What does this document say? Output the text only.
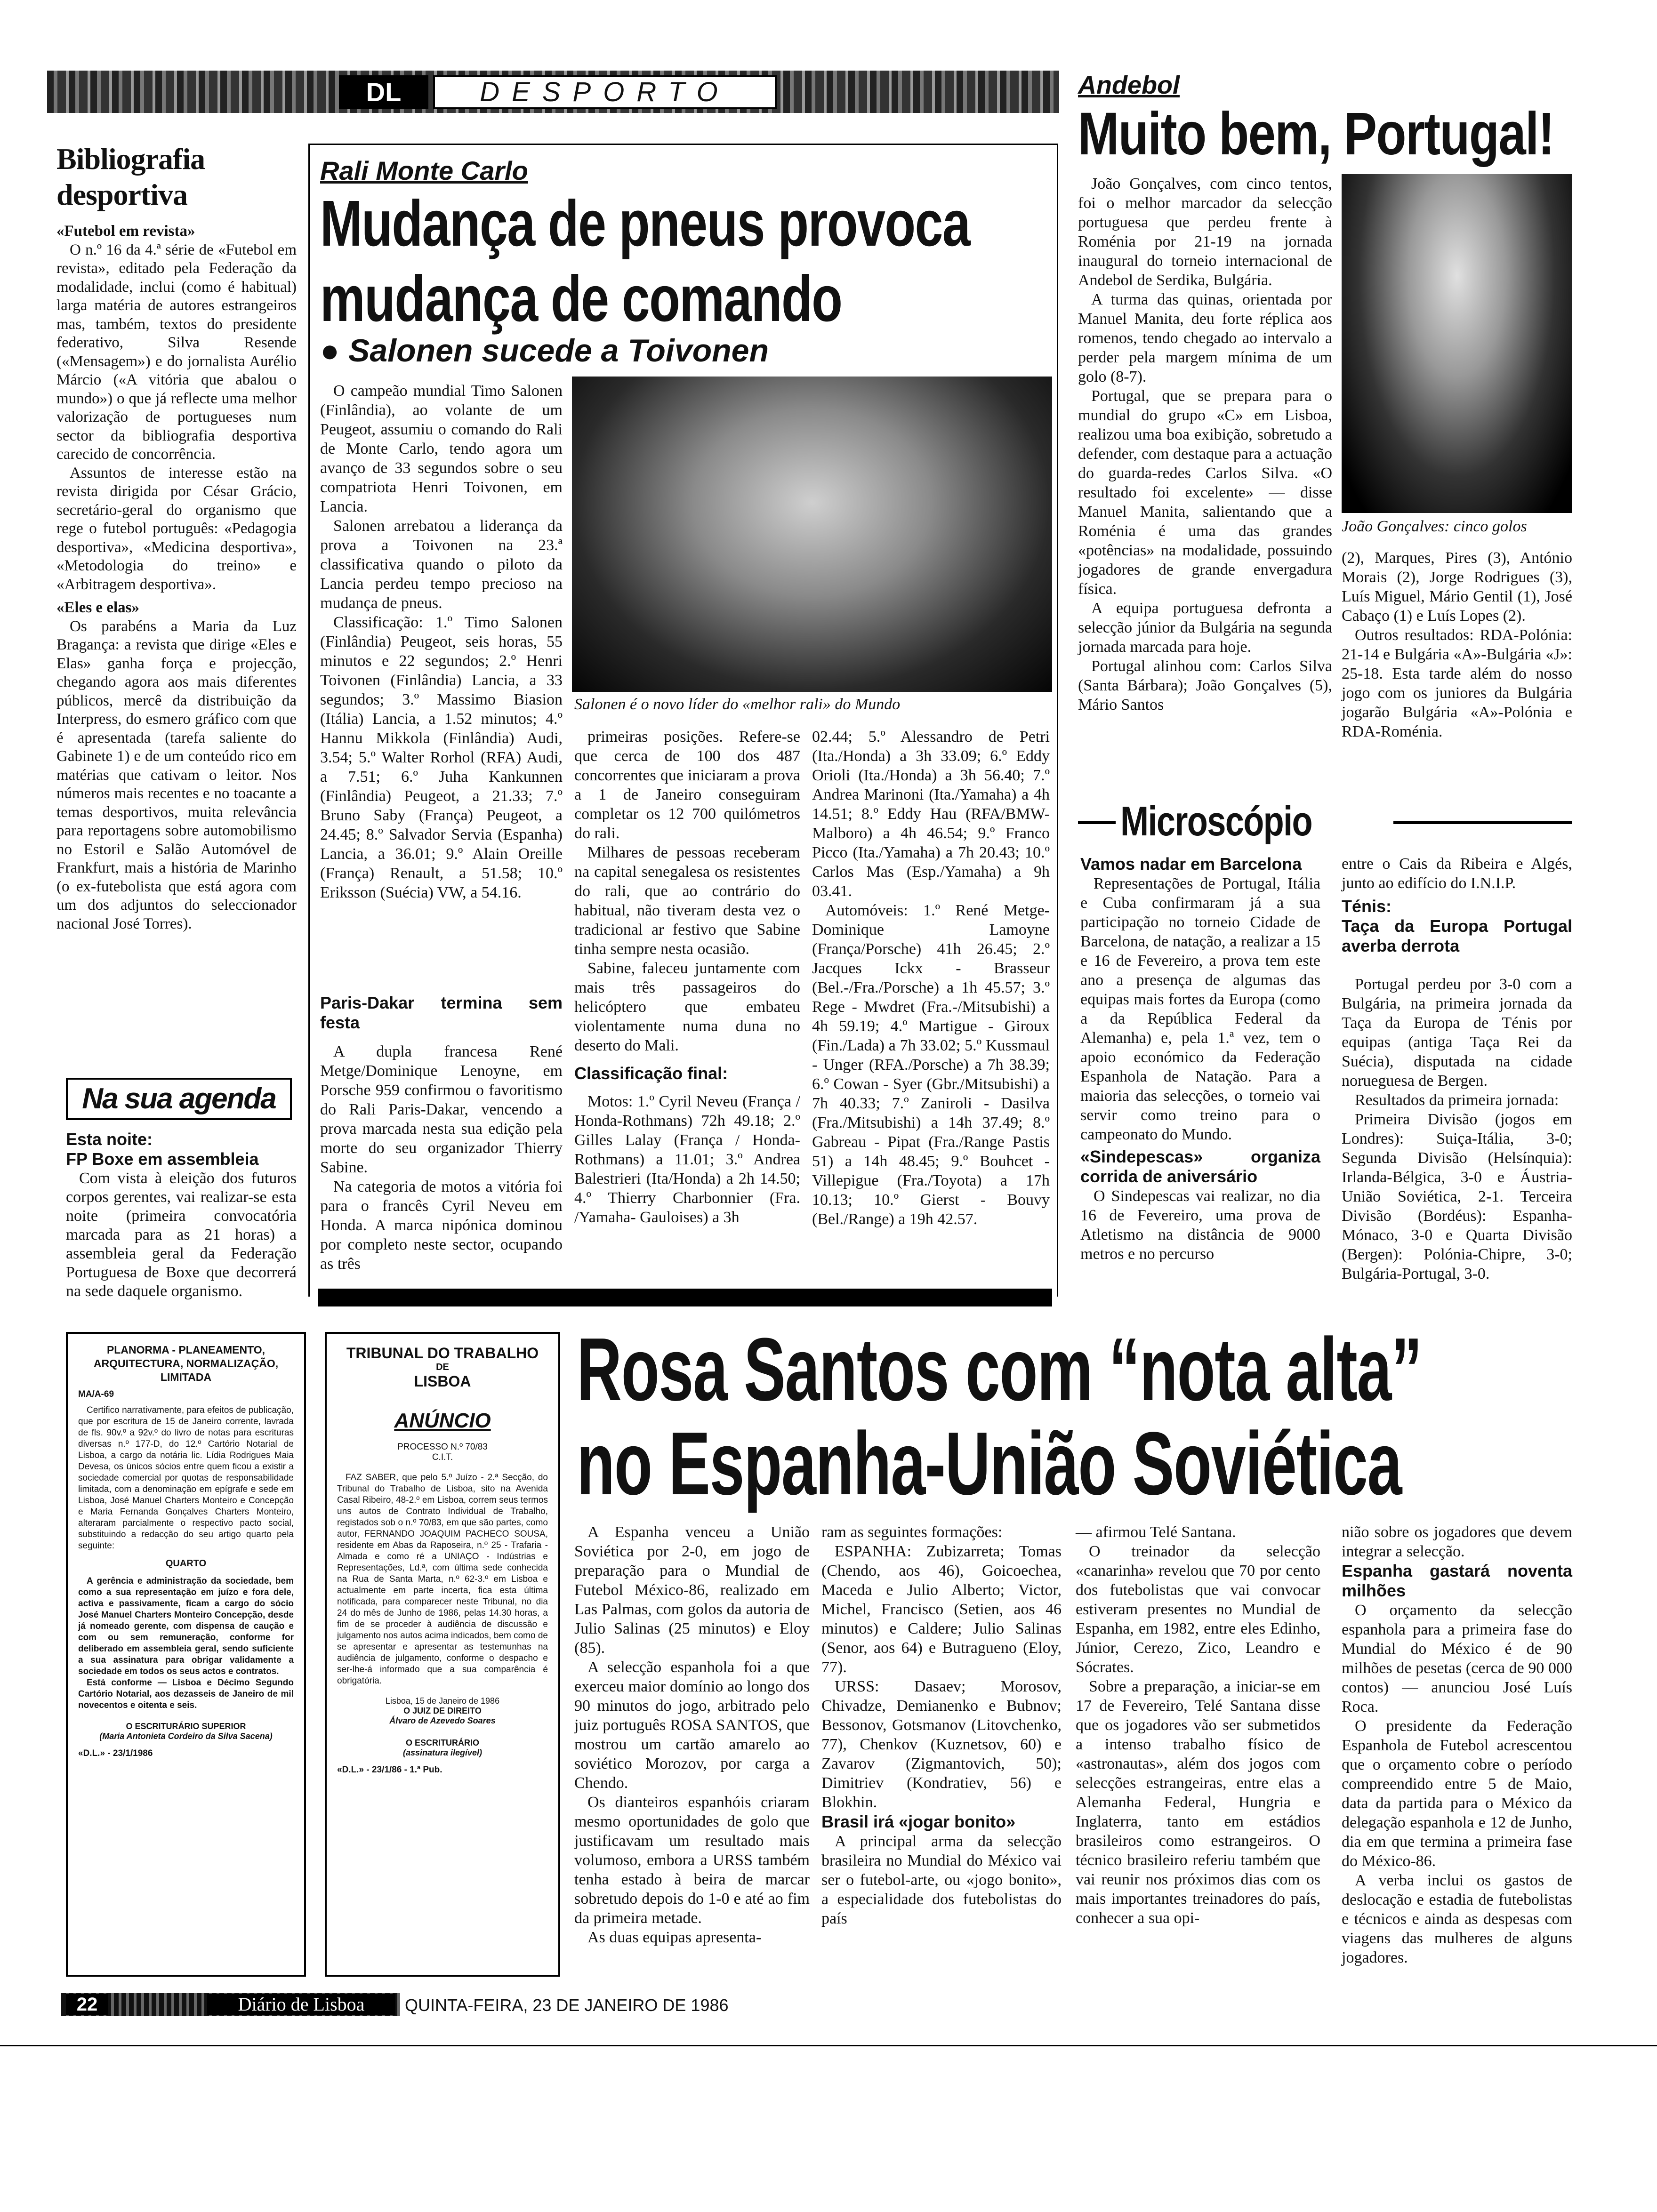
DL	DESPORTO
Bibliografia desportiva
«Futebol em revista»

O n.º 16 da 4.ª série de «Futebol em revista», editado pela Federação da modalidade, inclui (como é habitual) larga matéria de autores estrangeiros mas, também, textos do presidente federativo, Silva Resende («Mensagem») e do jornalista Aurélio Márcio («A vitória que abalou o mundo») o que já reflecte uma melhor valorização de portugueses num sector da bibliografia desportiva carecido de concorrência.

Assuntos de interesse estão na revista dirigida por César Grácio, secretário-geral do organismo que rege o futebol português: «Pedagogia desportiva», «Medicina desportiva», «Metodologia do treino» e «Arbitragem desportiva».

«Eles e elas»

Os parabéns a Maria da Luz Bragança: a revista que dirige «Eles e Elas» ganha força e projecção, chegando agora aos mais diferentes públicos, mercê da distribuição da Interpress, do esmero gráfico com que é apresentada (tarefa saliente do Gabinete 1) e de um conteúdo rico em matérias que cativam o leitor. Nos números mais recentes e no toacante a temas desportivos, muita relevância para reportagens sobre automobilismo no Estoril e Salão Automóvel de Frankfurt, mais a história de Marinho (o ex-futebolista que está agora com um dos adjuntos do seleccionador nacional José Torres).

Na sua agenda
Esta noite:
FP Boxe em assembleia

Com vista à eleição dos futuros corpos gerentes, vai realizar-se esta noite (primeira convocatória marcada para as 21 horas) a assembleia geral da Federação Portuguesa de Boxe que decorrerá na sede daquele organismo.

Rali Monte Carlo
Mudança de pneus provoca
mudança de comando
● Salonen sucede a Toivonen
Salonen é o novo líder do «melhor rali» do Mundo

O campeão mundial Timo Salonen (Finlândia), ao volante de um Peugeot, assumiu o comando do Rali de Monte Carlo, tendo agora um avanço de 33 segundos sobre o seu compatriota Henri Toivonen, em Lancia.

Salonen arrebatou a liderança da prova a Toivonen na 23.ª classificativa quando o piloto da Lancia perdeu tempo precioso na mudança de pneus.

Classificação: 1.º Timo Salonen (Finlândia) Peugeot, seis horas, 55 minutos e 22 segundos; 2.º Henri Toivonen (Finlândia) Lancia, a 33 segundos; 3.º Massimo Biasion (Itália) Lancia, a 1.52 minutos; 4.º Hannu Mikkola (Finlândia) Audi, 3.54; 5.º Walter Rorhol (RFA) Audi, a 7.51; 6.º Juha Kankunnen (Finlândia) Peugeot, a 21.33; 7.º Bruno Saby (França) Peugeot, a 24.45; 8.º Salvador Servia (Espanha) Lancia, a 36.01; 9.º Alain Oreille (França) Renault, a 51.58; 10.º Eriksson (Suécia) VW, a 54.16.

Paris-Dakar termina sem festa

A dupla francesa René Metge/Dominique Lenoyne, em Porsche 959 confirmou o favoritismo do Rali Paris-Dakar, vencendo a prova marcada nesta sua edição pela morte do seu organizador Thierry Sabine.

Na categoria de motos a vitória foi para o francês Cyril Neveu em Honda. A marca nipónica dominou por completo neste sector, ocupando as três

primeiras posições. Refere-se que cerca de 100 dos 487 concorrentes que iniciaram a prova a 1 de Janeiro conseguiram completar os 12 700 quilómetros do rali.

Milhares de pessoas receberam na capital senegalesa os resistentes do rali, que ao contrário do habitual, não tiveram desta vez o tradicional ar festivo que Sabine tinha sempre nesta ocasião.

Sabine, faleceu juntamente com mais três passageiros do helicóptero que embateu violentamente numa duna no deserto do Mali.

Classificação final:

Motos: 1.º Cyril Neveu (França / Honda-Rothmans) 72h 49.18; 2.º Gilles Lalay (França / Honda-Rothmans) a 11.01; 3.º Andrea Balestrieri (Ita/Honda) a 2h 14.50; 4.º Thierry Charbonnier (Fra. /Yamaha- Gauloises) a 3h

02.44; 5.º Alessandro de Petri (Ita./Honda) a 3h 33.09; 6.º Eddy Orioli (Ita./Honda) a 3h 56.40; 7.º Andrea Marinoni (Ita./Yamaha) a 4h 14.51; 8.º Eddy Hau (RFA/BMW-Malboro) a 4h 46.54; 9.º Franco Picco (Ita./Yamaha) a 7h 20.43; 10.º Carlos Mas (Esp./Yamaha) a 9h 03.41.

Automóveis: 1.º René Metge-Dominique Lamoyne (França/Porsche) 41h 26.45; 2.º Jacques Ickx - Brasseur (Bel.-/Fra./Porsche) a 1h 45.57; 3.º Rege - Mwdret (Fra.-/Mitsubishi) a 4h 59.19; 4.º Martigue - Giroux (Fin./Lada) a 7h 33.02; 5.º Kussmaul - Unger (RFA./Porsche) a 7h 38.39; 6.º Cowan - Syer (Gbr./Mitsubishi) a 7h 40.33; 7.º Zaniroli - Dasilva (Fra./Mitsubishi) a 14h 37.49; 8.º Gabreau - Pipat (Fra./Range Pastis 51) a 14h 48.45; 9.º Bouhcet - Villepigue (Fra./Toyota) a 17h 10.13; 10.º Gierst - Bouvy (Bel./Range) a 19h 42.57.

Andebol
Muito bem, Portugal!
João Gonçalves: cinco golos

João Gonçalves, com cinco tentos, foi o melhor marcador da selecção portuguesa que perdeu frente à Roménia por 21-19 na jornada inaugural do torneio internacional de Andebol de Serdika, Bulgária.

A turma das quinas, orientada por Manuel Manita, deu forte réplica aos romenos, tendo chegado ao intervalo a perder pela margem mínima de um golo (8-7).

Portugal, que se prepara para o mundial do grupo «C» em Lisboa, realizou uma boa exibição, sobretudo a defender, com destaque para a actuação do guarda-redes Carlos Silva. «O resultado foi excelente» — disse Manuel Manita, salientando que a Roménia é uma das grandes «potências» na modalidade, possuindo jogadores de grande envergadura física.

A equipa portuguesa defronta a selecção júnior da Bulgária na segunda jornada marcada para hoje.

Portugal alinhou com: Carlos Silva (Santa Bárbara); João Gonçalves (5), Mário Santos

(2), Marques, Pires (3), António Morais (2), Jorge Rodrigues (3), Luís Miguel, Mário Gentil (1), José Cabaço (1) e Luís Lopes (2).

Outros resultados: RDA-Polónia: 21-14 e Bulgária «A»-Bulgária «J»: 25-18. Esta tarde além do nosso jogo com os juniores da Bulgária jogarão Bulgária «A»-Polónia e RDA-Roménia.

Microscópio
Vamos nadar em Barcelona

Representações de Portugal, Itália e Cuba confirmaram já a sua participação no torneio Cidade de Barcelona, de natação, a realizar a 15 e 16 de Fevereiro, a prova tem este ano a presença de algumas das equipas mais fortes da Europa (como a da República Federal da Alemanha) e, pela 1.ª vez, tem o apoio económico da Federação Espanhola de Natação. Para a maioria das selecções, o torneio vai servir como treino para o campeonato do Mundo.

«Sindepescas» organiza corrida de aniversário

O Sindepescas vai realizar, no dia 16 de Fevereiro, uma prova de Atletismo na distância de 9000 metros e no percurso

entre o Cais da Ribeira e Algés, junto ao edifício do I.N.I.P.

Ténis:
Taça da Europa Portugal averba derrota

Portugal perdeu por 3-0 com a Bulgária, na primeira jornada da Taça da Europa de Ténis por equipas (antiga Taça Rei da Suécia), disputada na cidade norueguesa de Bergen.

Resultados da primeira jornada:

Primeira Divisão (jogos em Londres): Suiça-Itália, 3-0; Segunda Divisão (Helsínquia): Irlanda-Bélgica, 3-0 e Áustria-União Soviética, 2-1. Terceira Divisão (Bordéus): Espanha-Mónaco, 3-0 e Quarta Divisão (Bergen): Polónia-Chipre, 3-0; Bulgária-Portugal, 3-0.

PLANORMA - PLANEAMENTO, ARQUITECTURA, NORMALIZAÇÃO, LIMITADA
MA/A-69

Certifico narrativamente, para efeitos de publicação, que por escritura de 15 de Janeiro corrente, lavrada de fls. 90v.º a 92v.º do livro de notas para escrituras diversas n.º 177-D, do 12.º Cartório Notarial de Lisboa, a cargo da notária lic. Lídia Rodrigues Maia Devesa, os únicos sócios entre quem ficou a existir a sociedade comercial por quotas de responsabilidade limitada, com a denominação em epígrafe e sede em Lisboa, José Manuel Charters Monteiro e Concepção e Maria Fernanda Gonçalves Charters Monteiro, alteraram parcialmente o respectivo pacto social, substituindo a redacção do seu artigo quarto pela seguinte:

QUARTO

A gerência e administração da sociedade, bem como a sua representação em juízo e fora dele, activa e passivamente, ficam a cargo do sócio José Manuel Charters Monteiro Concepção, desde já nomeado gerente, com dispensa de caução e com ou sem remuneração, conforme for deliberado em assembleia geral, sendo suficiente a sua assinatura para obrigar validamente a sociedade em todos os seus actos e contratos.

Está conforme — Lisboa e Décimo Segundo Cartório Notarial, aos dezasseis de Janeiro de mil novecentos e oitenta e seis.

O ESCRITURÁRIO SUPERIOR
(Maria Antonieta Cordeiro da Silva Sacena)
«D.L.» - 23/1/1986
TRIBUNAL DO TRABALHO
DE
LISBOA
ANÚNCIO
PROCESSO N.º 70/83
C.I.T.

FAZ SABER, que pelo 5.º Juízo - 2.ª Secção, do Tribunal do Trabalho de Lisboa, sito na Avenida Casal Ribeiro, 48-2.º em Lisboa, correm seus termos uns autos de Contrato Individual de Trabalho, registados sob o n.º 70/83, em que são partes, como autor, FERNANDO JOAQUIM PACHECO SOUSA, residente em Abas da Raposeira, n.º 25 - Trafaria - Almada e como ré a UNIAÇO - Indústrias e Representações, Ld.ª, com última sede conhecida na Rua de Santa Marta, n.º 62-3.º em Lisboa e actualmente em parte incerta, fica esta última notificada, para comparecer neste Tribunal, no dia 24 do mês de Junho de 1986, pelas 14.30 horas, a fim de se proceder à audiência de discussão e julgamento nos autos acima indicados, bem como de se apresentar e apresentar as testemunhas na audiência de julgamento, conforme o despacho e ser-lhe-á informado que a sua comparência é obrigatória.

Lisboa, 15 de Janeiro de 1986
O JUIZ DE DIREITO
Álvaro de Azevedo Soares
O ESCRITURÁRIO
(assinatura ilegível)
«D.L.» - 23/1/86 - 1.ª Pub.
Rosa Santos com “nota alta”
no Espanha-União Soviética

A Espanha venceu a União Soviética por 2-0, em jogo de preparação para o Mundial de Futebol México-86, realizado em Las Palmas, com golos da autoria de Julio Salinas (25 minutos) e Eloy (85).

A selecção espanhola foi a que exerceu maior domínio ao longo dos 90 minutos do jogo, arbitrado pelo juiz português ROSA SANTOS, que mostrou um cartão amarelo ao soviético Morozov, por carga a Chendo.

Os dianteiros espanhóis criaram mesmo oportunidades de golo que justificavam um resultado mais volumoso, embora a URSS também tenha estado à beira de marcar sobretudo depois do 1-0 e até ao fim da primeira metade.

As duas equipas apresenta-

ram as seguintes formações:

ESPANHA: Zubizarreta; Tomas (Chendo, aos 46), Goicoechea, Maceda e Julio Alberto; Victor, Michel, Francisco (Setien, aos 46 minutos) e Caldere; Julio Salinas (Senor, aos 64) e Butragueno (Eloy, 77).

URSS: Dasaev; Morosov, Chivadze, Demianenko e Bubnov; Bessonov, Gotsmanov (Litovchenko, 77), Chenkov (Kuznetsov, 60) e Zavarov (Zigmantovich, 50); Dimitriev (Kondratiev, 56) e Blokhin.

Brasil irá «jogar bonito»

A principal arma da selecção brasileira no Mundial do México vai ser o futebol-arte, ou «jogo bonito», a especialidade dos futebolistas do país

— afirmou Telé Santana.

O treinador da selecção «canarinha» revelou que 70 por cento dos futebolistas que vai convocar estiveram presentes no Mundial de Espanha, em 1982, entre eles Edinho, Júnior, Cerezo, Zico, Leandro e Sócrates.

Sobre a preparação, a iniciar-se em 17 de Fevereiro, Telé Santana disse que os jogadores vão ser submetidos a intenso trabalho físico de «astronautas», além dos jogos com selecções estrangeiras, entre elas a Alemanha Federal, Hungria e Inglaterra, tanto em estádios brasileiros como estrangeiros. O técnico brasileiro referiu também que vai reunir nos próximos dias com os mais importantes treinadores do país, conhecer a sua opi-

nião sobre os jogadores que devem integrar a selecção.

Espanha gastará noventa milhões

O orçamento da selecção espanhola para a primeira fase do Mundial do México é de 90 milhões de pesetas (cerca de 90 000 contos) — anunciou José Luís Roca.

O presidente da Federação Espanhola de Futebol acrescentou que o orçamento cobre o período compreendido entre 5 de Maio, data da partida para o México da delegação espanhola e 12 de Junho, dia em que termina a primeira fase do México-86.

A verba inclui os gastos de deslocação e estadia de futebolistas e técnicos e ainda as despesas com viagens das mulheres de alguns jogadores.

22	Diário de Lisboa	QUINTA-FEIRA, 23 DE JANEIRO DE 1986
